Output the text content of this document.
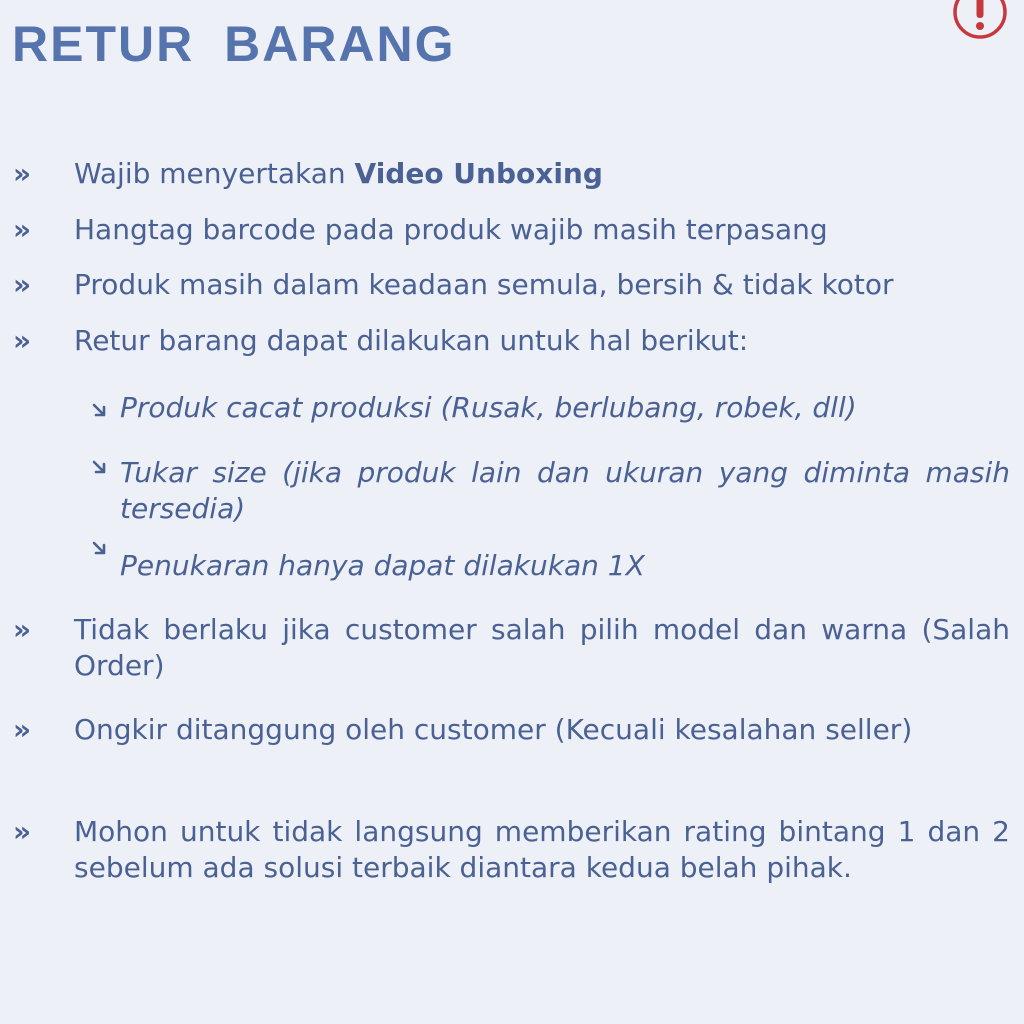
RETUR BARANG
» Wajib menyertakan Video Unboxing
» Hangtag barcode pada produk wajib masih terpasang
» Produk masih dalam keadaan semula, bersih & tidak kotor
» Retur barang dapat dilakukan untuk hal berikut:
Produk cacat produksi (Rusak, berlubang, robek, dll)
Tukar size (jika produk lain dan ukuran yang diminta masih tersedia)
Penukaran hanya dapat dilakukan 1X
» Tidak berlaku jika customer salah pilih model dan warna (Salah Order)
» Ongkir ditanggung oleh customer (Kecuali kesalahan seller)
» Mohon untuk tidak langsung memberikan rating bintang 1 dan 2 sebelum ada solusi terbaik diantara kedua belah pihak.
